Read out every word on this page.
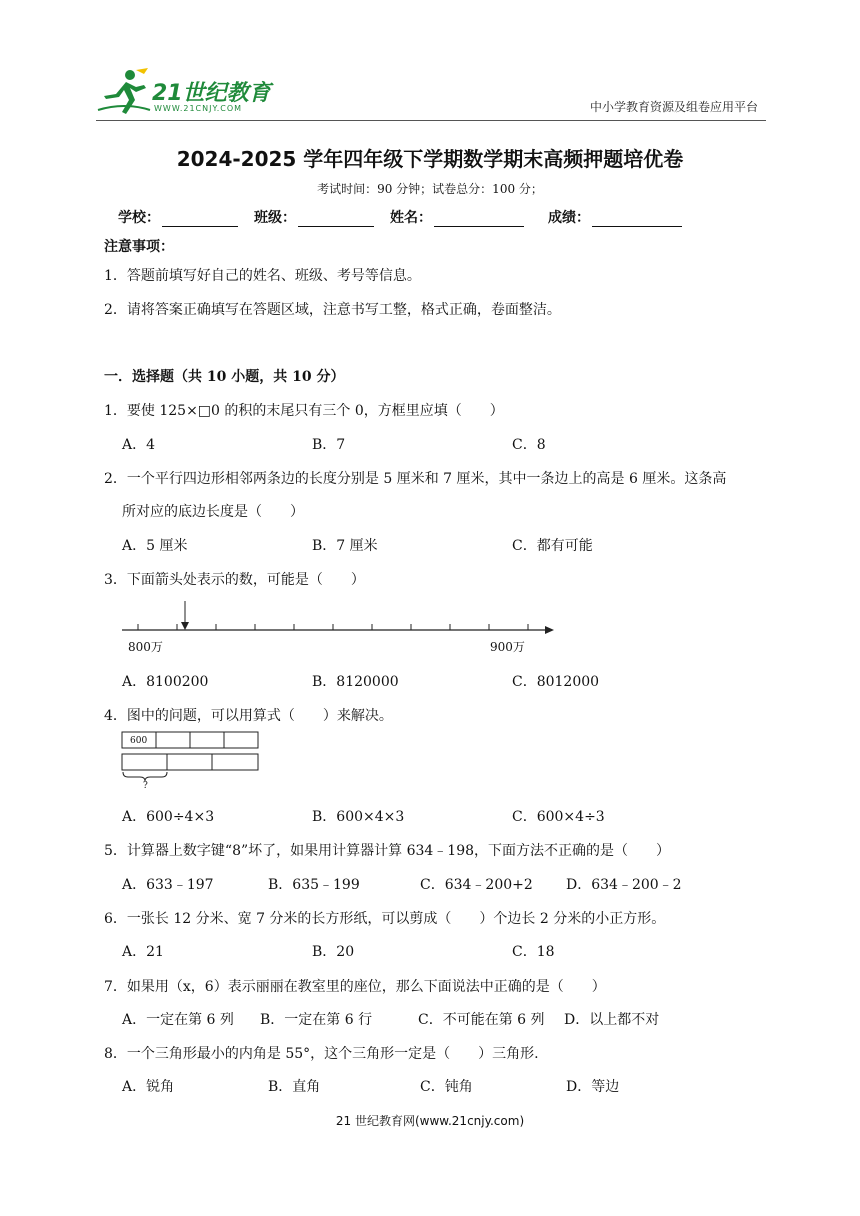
21世纪教育
WWW.21CNJY.COM	中小学教育资源及组卷应用平台
2024-2025 学年四年级下学期数学期末高频押题培优卷
考试时间：90 分钟；试卷总分：100 分；
学校：	班级：	姓名：	成绩：
注意事项：
1．答题前填写好自己的姓名、班级、考号等信息。
2．请将答案正确填写在答题区域，注意书写工整，格式正确，卷面整洁。
一．选择题（共 10 小题，共 10 分）
1．要使 125×□0 的积的末尾只有三个 0，方框里应填（　　）
A．4	B．7	C．8
2．一个平行四边形相邻两条边的长度分别是 5 厘米和 7 厘米，其中一条边上的高是 6 厘米。这条高
所对应的底边长度是（　　）
A．5 厘米	B．7 厘米	C．都有可能
3．下面箭头处表示的数，可能是（　　）
800万	900万
A．8100200	B．8120000	C．8012000
4．图中的问题，可以用算式（　　）来解决。
600
?
A．600÷4×3	B．600×4×3	C．600×4÷3
5．计算器上数字键“8”坏了，如果用计算器计算 634﹣198，下面方法不正确的是（　　）
A．633﹣197	B．635﹣199	C．634﹣200+2 D．634﹣200﹣2
6．一张长 12 分米、宽 7 分米的长方形纸，可以剪成（　　）个边长 2 分米的小正方形。
A．21	B．20	C．18
7．如果用（x，6）表示丽丽在教室里的座位，那么下面说法中正确的是（　　）
A．一定在第 6 列 B．一定在第 6 行	C．不可能在第 6 列 D．以上都不对
8．一个三角形最小的内角是 55°，这个三角形一定是（　　）三角形.
A．锐角	B．直角	C．钝角	D．等边
21 世纪教育网(www.21cnjy.com)
